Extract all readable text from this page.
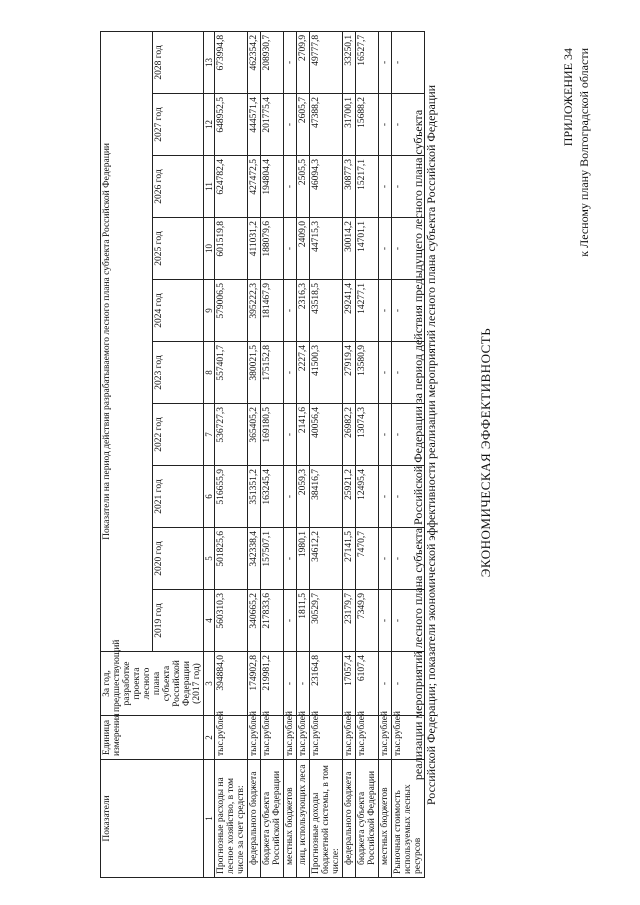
ПРИЛОЖЕНИЕ 34 к Лесному плану Волгоградской области
ЭКОНОМИЧЕСКАЯ ЭФФЕКТИВНОСТЬ
реализации мероприятий лесного плана субъекта Российской Федерации за период действия предыдущего лесного плана субъекта Российской Федерации; показатели экономической эффективности реализации мероприятий лесного плана субъекта Российской Федерации
Показатели	Единица измерения	За год, предшествующий разработке проекта лесного плана субъекта Российской Федерации (2017 год)	Показатели на период действия разрабатываемого лесного плана субъекта Российской Федерации									
			2019 год	2020 год	2021 год	2022 год	2023 год	2024 год	2025 год	2026 год	2027 год	2028 год
1	2	3	4	5	6	7	8	9	10	11	12	13
Прогнозные расходы на лесное хозяйство, в том числе за счет средств:	тыс.рублей	394884,0	560310,3	501825,6	516655,9	536727,3	557401,7	579006,5	601519,8	624782,4	648952,5	673994,8
федерального бюджета	тыс.рублей	174902,8	340665,2	342338,4	351351,2	365405,2	380021,5	395222,3	411031,2	427472,5	444571,4	462354,2
бюджета субъекта Российской Федерации	тыс.рублей	219981,2	217833,6	157507,1	163245,4	169180,5	175152,8	181467,9	188079,6	194804,4	201775,4	208930,7
местных бюджетов	тыс.рублей	-	-	-	-	-	-	-	-	-	-	-
лиц, использующих леса	тыс.рублей	-	1811,5	1980,1	2059,3	2141,6	2227,4	2316,3	2409,0	2505,5	2605,7	2709,9
Прогнозные доходы бюджетной системы, в том числе:	тыс.рублей	23164,8	30529,7	34612,2	38416,7	40056,4	41500,3	43518,5	44715,3	46094,3	47388,2	49777,8
федерального бюджета	тыс.рублей	17057,4	23179,7	27141,5	25921,2	26982,2	27919,4	29241,4	30014,2	30877,3	31700,1	33250,1
бюджета субъекта Российской Федерации	тыс.рублей	6107,4	7349,9	7470,7	12495,4	13074,3	13580,9	14277,1	14701,1	15217,1	15688,2	16527,7
местных бюджетов	тыс.рублей	-	-	-	-	-	-	-	-	-	-	-
Рыночная стоимость используемых лесных ресурсов	тыс.рублей	-	-	-	-	-	-	-	-	-	-	-
